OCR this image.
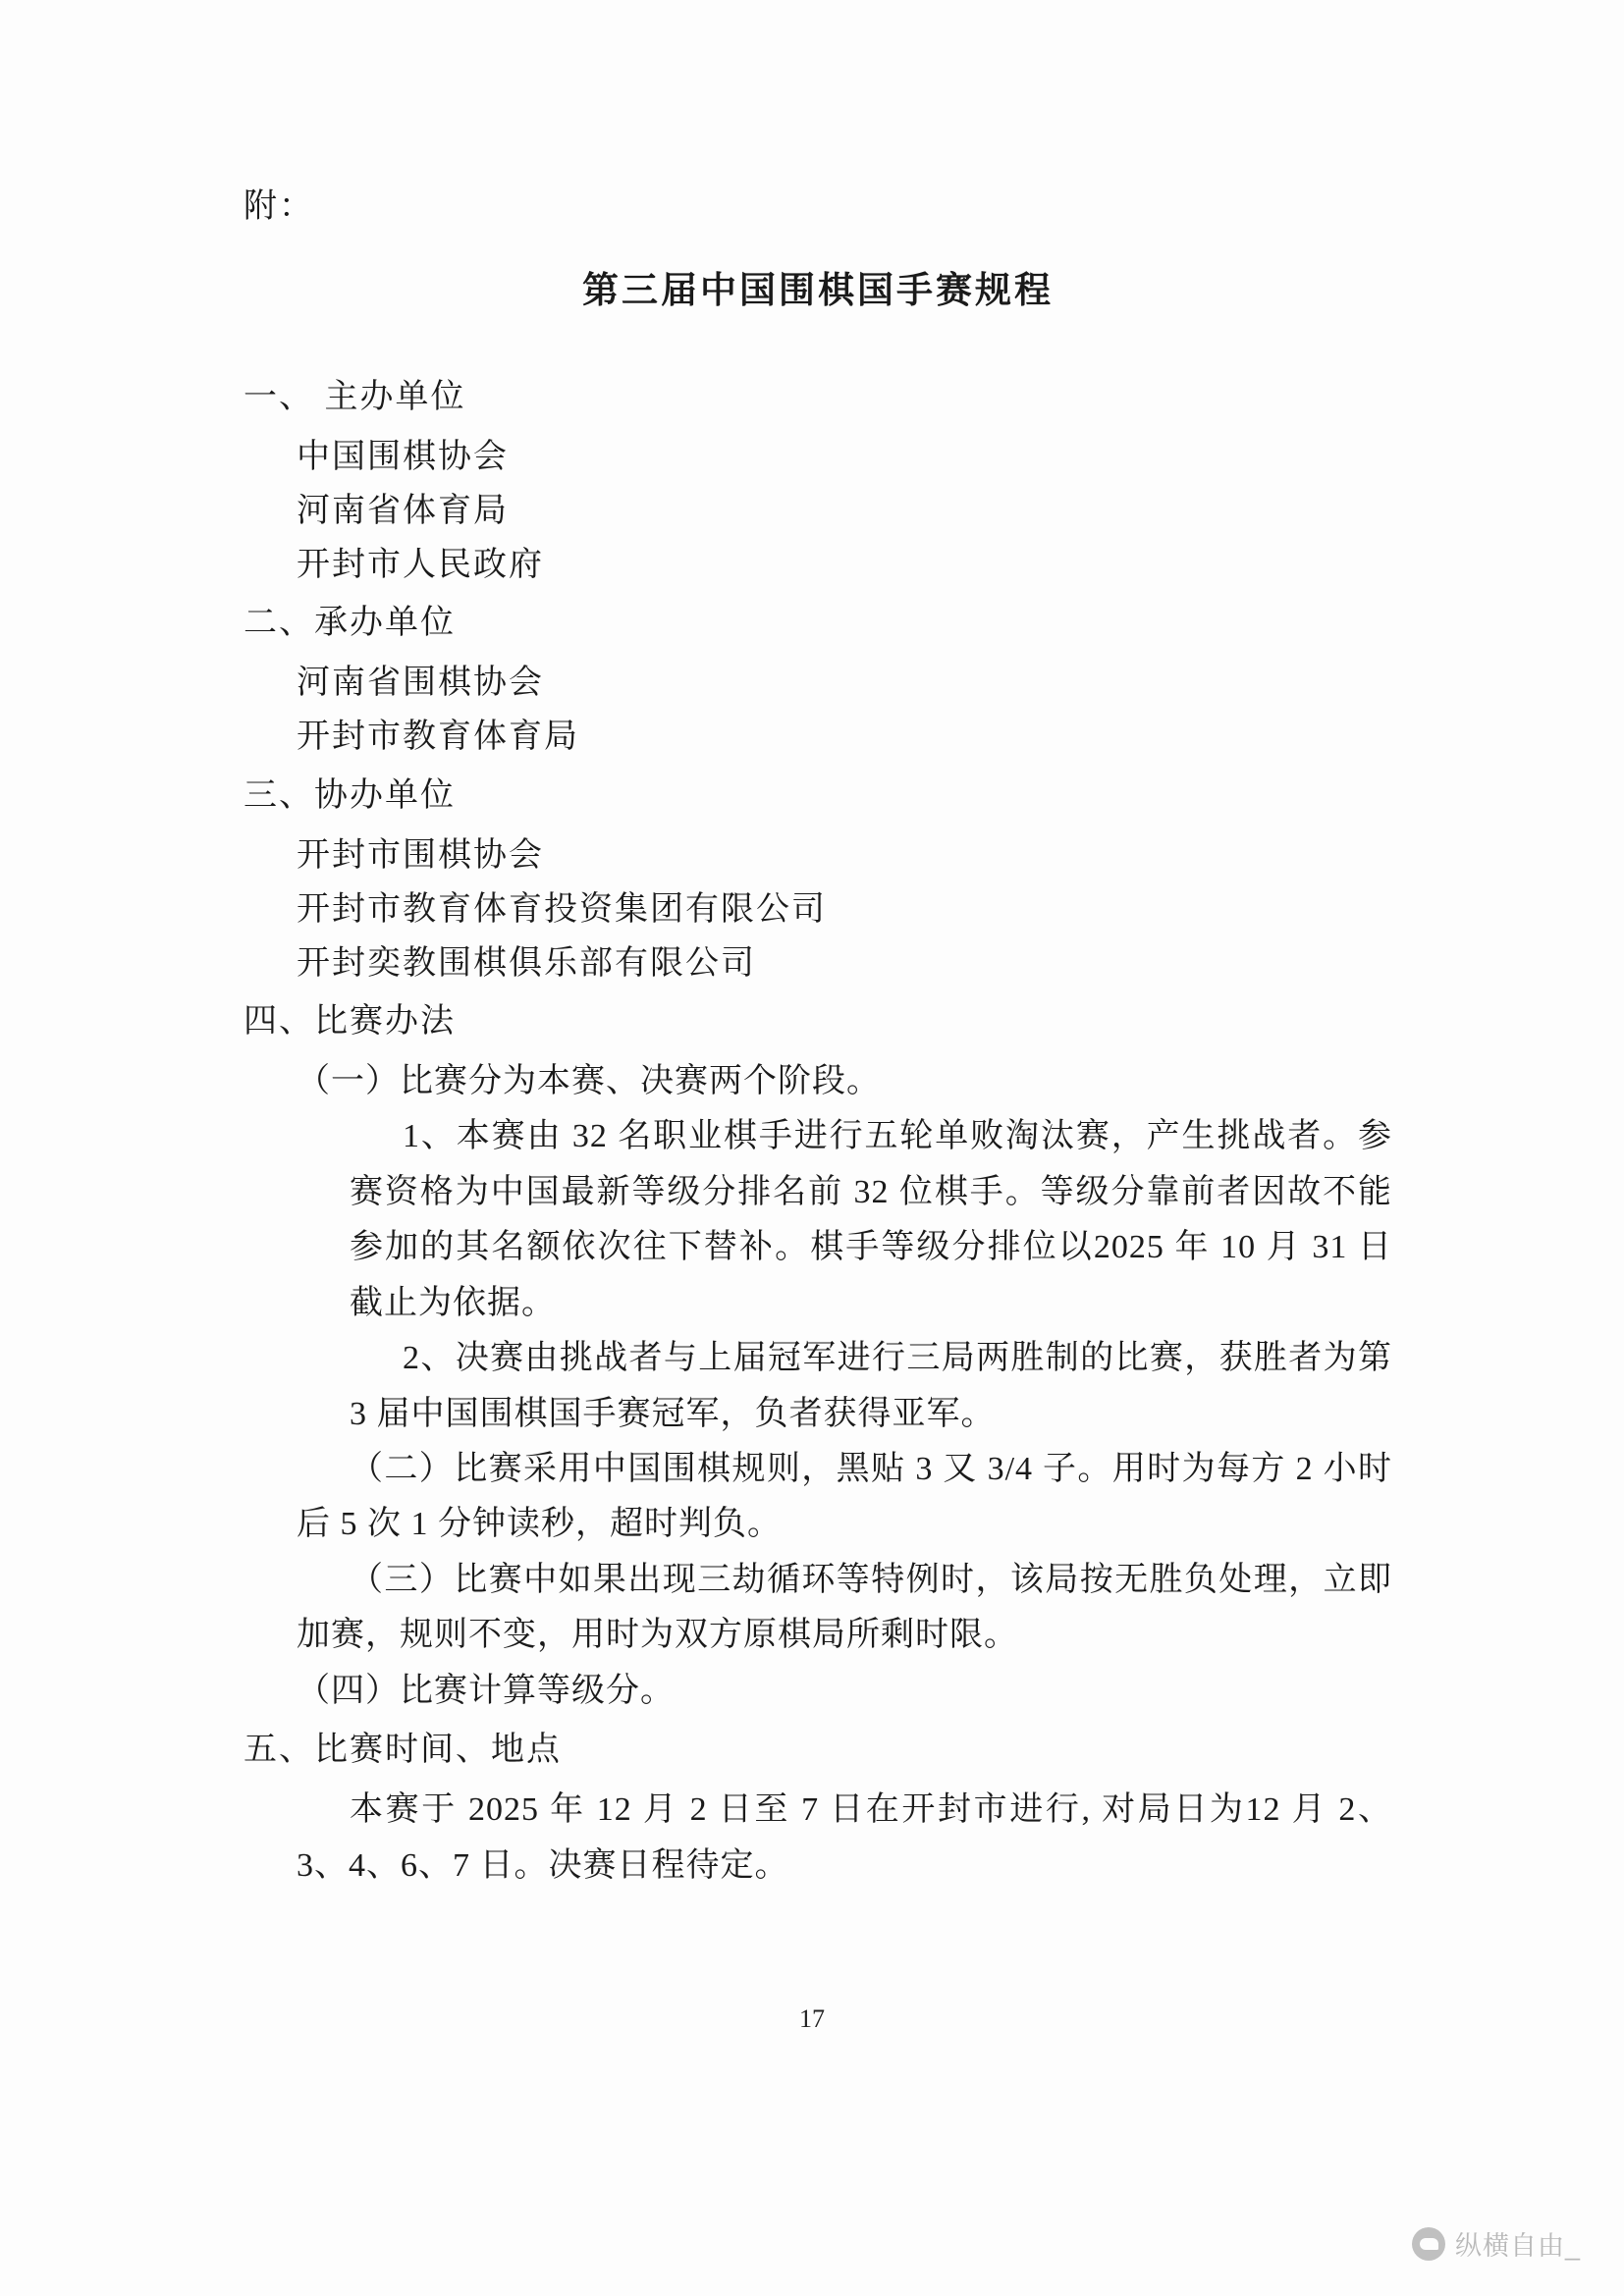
附：
第三届中国围棋国手赛规程
一、 主办单位
中国围棋协会
河南省体育局
开封市人民政府
二、承办单位
河南省围棋协会
开封市教育体育局
三、协办单位
开封市围棋协会
开封市教育体育投资集团有限公司
开封奕教围棋俱乐部有限公司
四、比赛办法
（一）比赛分为本赛、决赛两个阶段。
1、本赛由 32 名职业棋手进行五轮单败淘汰赛，产生挑战者。参赛资格为中国最新等级分排名前 32 位棋手。等级分靠前者因故不能参加的其名额依次往下替补。棋手等级分排位以2025 年 10 月 31 日截止为依据。
2、决赛由挑战者与上届冠军进行三局两胜制的比赛，获胜者为第 3 届中国围棋国手赛冠军，负者获得亚军。
（二）比赛采用中国围棋规则，黑贴 3 又 3/4 子。用时为每方 2 小时后 5 次 1 分钟读秒，超时判负。
（三）比赛中如果出现三劫循环等特例时，该局按无胜负处理，立即加赛，规则不变，用时为双方原棋局所剩时限。
（四）比赛计算等级分。
五、比赛时间、地点
本赛于 2025 年 12 月 2 日至 7 日在开封市进行, 对局日为12 月 2、3、4、6、7 日。决赛日程待定。
17
纵横自由_
